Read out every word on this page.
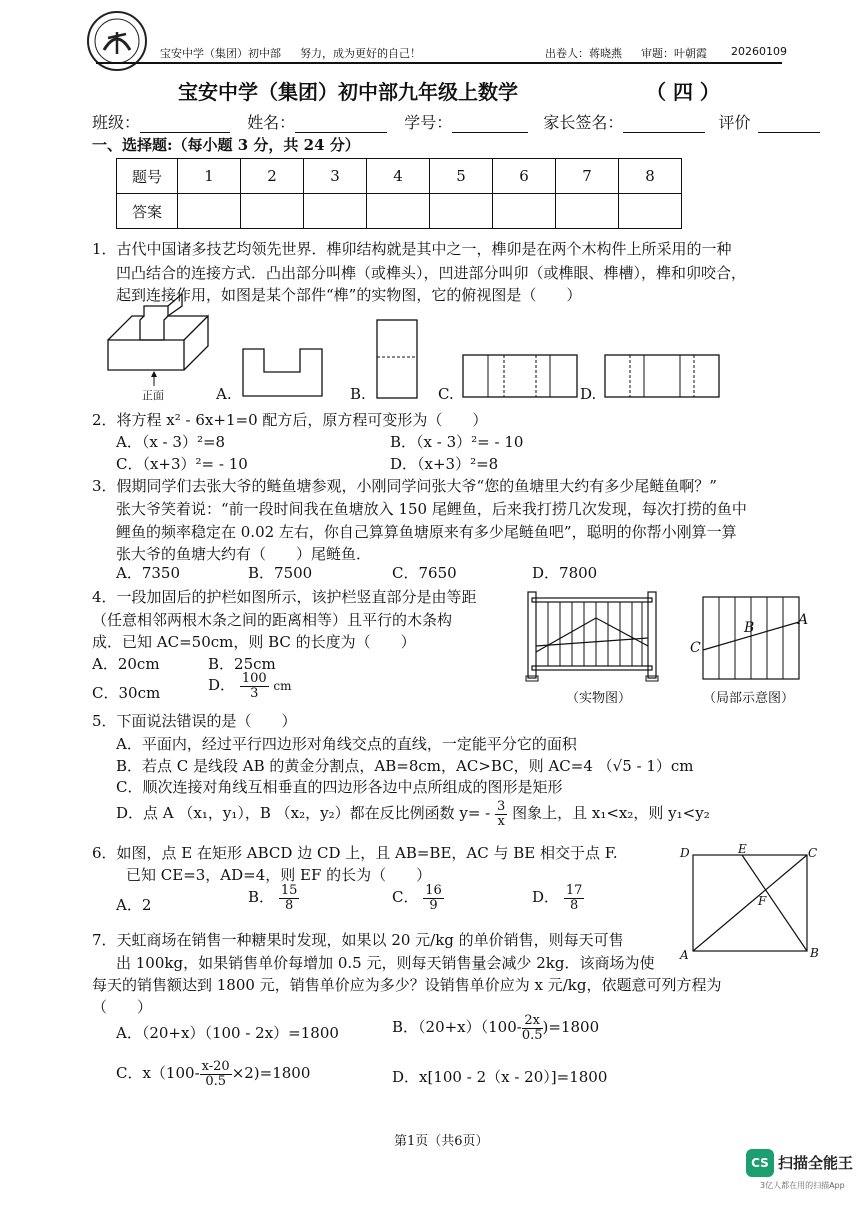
宝安中学（集团）初中部 努力，成为更好的自己！	出卷人：蒋晓燕 审题：叶朝霞 20260109
宝安中学（集团）初中部九年级上数学	（ 四 ）
班级：	姓名：	学号：	家长签名：	评价
一、选择题:（每小题 3 分，共 24 分）
题号	1	2	3	4	5	6	7	8
答案								
1．古代中国诸多技艺均领先世界．榫卯结构就是其中之一，榫卯是在两个木构件上所采用的一种
凹凸结合的连接方式．凸出部分叫榫（或榫头），凹进部分叫卯（或榫眼、榫槽），榫和卯咬合，
起到连接作用，如图是某个部件“榫”的实物图，它的俯视图是（　　）
正面	A.	B.	C.	D.
2．将方程 x² - 6x+1=0 配方后，原方程可变形为（　　）
A．（x - 3）²=8	B．（x - 3）²= - 10
C．（x+3）²= - 10	D．（x+3）²=8
3．假期同学们去张大爷的鲢鱼塘参观，小刚同学问张大爷“您的鱼塘里大约有多少尾鲢鱼啊？”
张大爷笑着说：“前一段时间我在鱼塘放入 150 尾鲤鱼，后来我打捞几次发现，每次打捞的鱼中
鲤鱼的频率稳定在 0.02 左右，你自己算算鱼塘原来有多少尾鲢鱼吧”，聪明的你帮小刚算一算
张大爷的鱼塘大约有（　　）尾鲢鱼．
A．7350	B．7500	C．7650	D．7800
4．一段加固后的护栏如图所示，该护栏竖直部分是由等距
（任意相邻两根木条之间的距离相等）且平行的木条构
成．已知 AC=50cm，则 BC 的长度为（　　）
A．20cm	B．25cm
C．30cm	D． $\frac{100}{3}$ cm
（实物图）
C
B	A
（局部示意图）
5．下面说法错误的是（　　）
A．平面内，经过平行四边形对角线交点的直线，一定能平分它的面积
B．若点 C 是线段 AB 的黄金分割点，AB=8cm，AC>BC，则 AC=4 （√5 - 1）cm
C．顺次连接对角线互相垂直的四边形各边中点所组成的图形是矩形
D．点 A （x₁，y₁），B （x₂，y₂）都在反比例函数 $y= - \frac{3}{x}$ 图象上，且 x₁<x₂，则 y₁<y₂
6．如图，点 E 在矩形 ABCD 边 CD 上，且 AB=BE，AC 与 BE 相交于点 F.
已知 CE=3，AD=4，则 EF 的长为（　　）
A．2	B． $\frac{15}{8}$	C． $\frac{16}{9}$	D． $\frac{17}{8}$
D	E	C
F
A	B
7．天虹商场在销售一种糖果时发现，如果以 20 元/kg 的单价销售，则每天可售
出 100kg，如果销售单价每增加 0.5 元，则每天销售量会减少 2kg．该商场为使
每天的销售额达到 1800 元，销售单价应为多少？设销售单价应为 x 元/kg，依题意可列方程为
（　　）
A．（20+x）（100 - 2x）=1800	B．$(20+x)(100- \frac{2x}{0.5} )=1800$
C．$x(100- \frac{x-20}{0.5} \times 2)=1800$	D．x[100 - 2（x - 20）]=1800
第1页（共6页）
CS 扫描全能王
3亿人都在用的扫描App
